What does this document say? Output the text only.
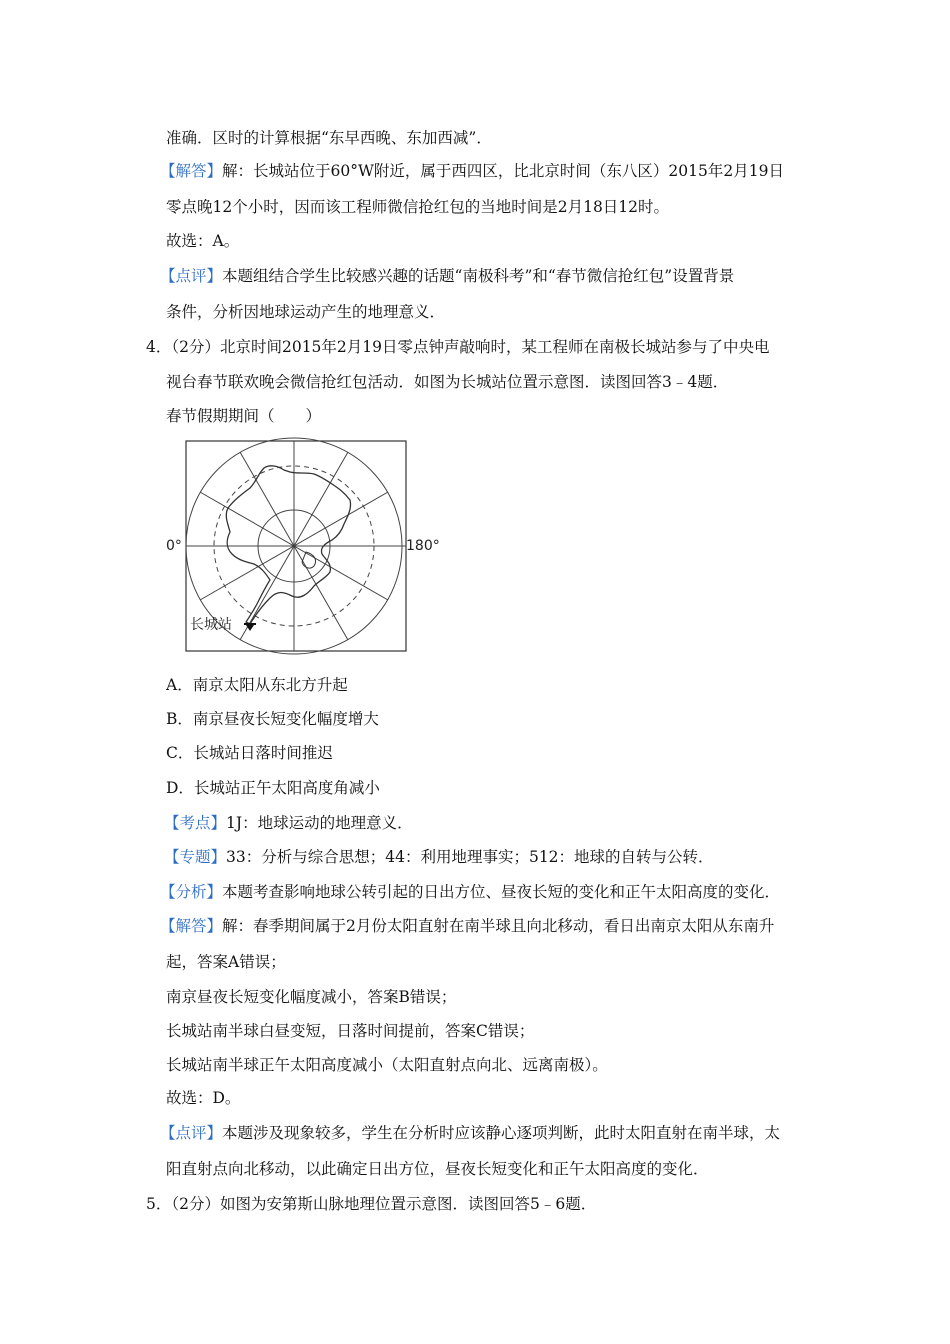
准确．区时的计算根据“东早西晚、东加西减”．
【解答】解：长城站位于60°W附近，属于西四区，比北京时间（东八区）2015年2月19日
零点晚12个小时，因而该工程师微信抢红包的当地时间是2月18日12时。
故选：A。
【点评】本题组结合学生比较感兴趣的话题“南极科考”和“春节微信抢红包”设置背景
条件，分析因地球运动产生的地理意义．
4．（2分）北京时间2015年2月19日零点钟声敲响时，某工程师在南极长城站参与了中央电
视台春节联欢晚会微信抢红包活动．如图为长城站位置示意图．读图回答3﹣4题．
春节假期期间（　　）
0°	180°
长城站
A．南京太阳从东北方升起
B．南京昼夜长短变化幅度增大
C．长城站日落时间推迟
D．长城站正午太阳高度角减小
【考点】1J：地球运动的地理意义．
【专题】33：分析与综合思想；44：利用地理事实；512：地球的自转与公转．
【分析】本题考查影响地球公转引起的日出方位、昼夜长短的变化和正午太阳高度的变化．
【解答】解：春季期间属于2月份太阳直射在南半球且向北移动，看日出南京太阳从东南升
起，答案A错误；
南京昼夜长短变化幅度减小，答案B错误；
长城站南半球白昼变短，日落时间提前，答案C错误；
长城站南半球正午太阳高度减小（太阳直射点向北、远离南极）。
故选：D。
【点评】本题涉及现象较多，学生在分析时应该静心逐项判断，此时太阳直射在南半球，太
阳直射点向北移动，以此确定日出方位，昼夜长短变化和正午太阳高度的变化．
5．（2分）如图为安第斯山脉地理位置示意图．读图回答5﹣6题．
